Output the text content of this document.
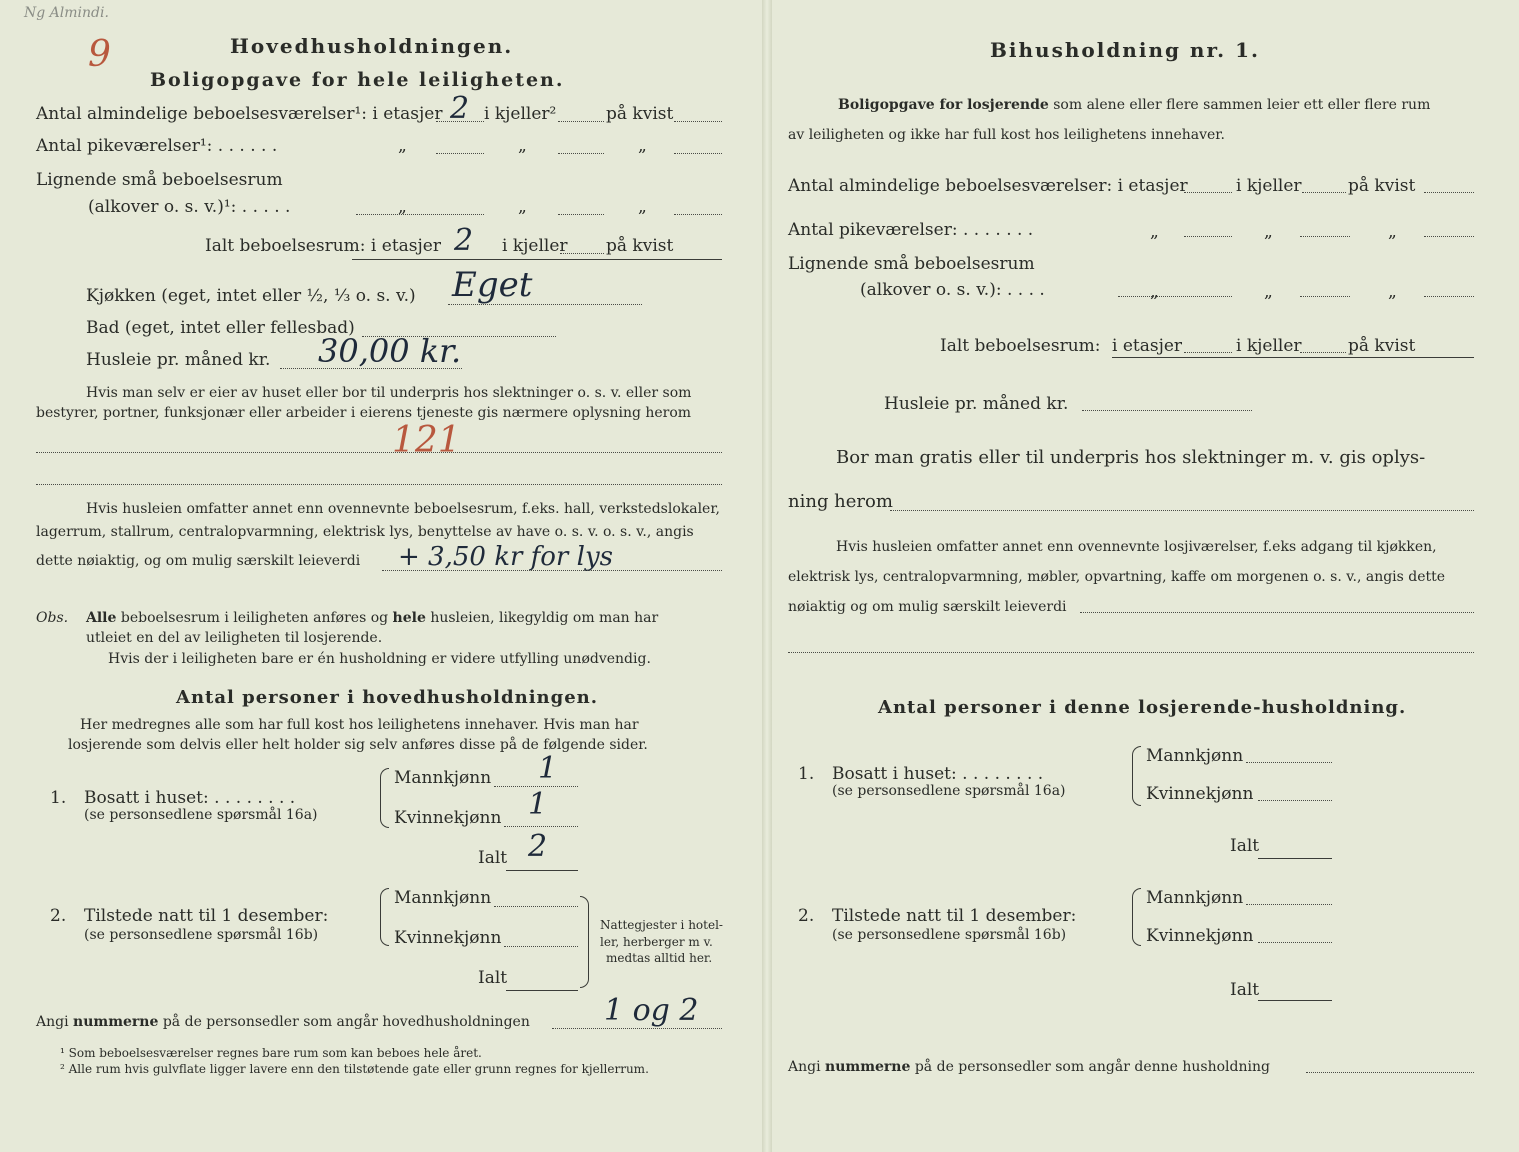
Ng Almindi.
9	Hovedhusholdningen.
Boligopgave for hele leiligheten.
Antal almindelige beboelsesværelser¹: i etasjer 2 i kjeller²	på kvist
Antal pikeværelser¹: . . . . . .	„	„	„
Lignende små beboelsesrum
(alkover o. s. v.)¹: . . . . .	„	„	„
Ialt beboelsesrum: i etasjer 2 i kjeller på kvist
Kjøkken (eget, intet eller ½, ⅓ o. s. v.) Eget
Bad (eget, intet eller fellesbad)
Husleie pr. måned kr. 30,00 kr.
Hvis man selv er eier av huset eller bor til underpris hos slektninger o. s. v. eller som
bestyrer, portner, funksjonær eller arbeider i eierens tjeneste gis nærmere oplysning herom
121
Hvis husleien omfatter annet enn ovennevnte beboelsesrum, f.eks. hall, verkstedslokaler,
lagerrum, stallrum, centralopvarmning, elektrisk lys, benyttelse av have o. s. v. o. s. v., angis
dette nøiaktig, og om mulig særskilt leieverdi + 3,50 kr for lys
Obs. Alle beboelsesrum i leiligheten anføres og hele husleien, likegyldig om man har
utleiet en del av leiligheten til losjerende.
Hvis der i leiligheten bare er én husholdning er videre utfylling unødvendig.
Antal personer i hovedhusholdningen.
Her medregnes alle som har full kost hos leilighetens innehaver. Hvis man har
losjerende som delvis eller helt holder sig selv anføres disse på de følgende sider.
1. Bosatt i huset: . . . . . . . .
(se personsedlene spørsmål 16a)
Mannkjønn 1
Kvinnekjønn 1
Ialt 2
2. Tilstede natt til 1 desember:
(se personsedlene spørsmål 16b)
Mannkjønn
Kvinnekjønn
Ialt
Nattegjester i hotel-
ler, herberger m v.
medtas alltid her.
Angi nummerne på de personsedler som angår hovedhusholdningen 1 og 2
¹ Som beboelsesværelser regnes bare rum som kan beboes hele året.
² Alle rum hvis gulvflate ligger lavere enn den tilstøtende gate eller grunn regnes for kjellerrum.
Bihusholdning nr. 1.
Boligopgave for losjerende som alene eller flere sammen leier ett eller flere rum
av leiligheten og ikke har full kost hos leilighetens innehaver.
Antal almindelige beboelsesværelser: i etasjer	i kjeller	på kvist
Antal pikeværelser: . . . . . . .	„	„	„
Lignende små beboelsesrum
(alkover o. s. v.): . . . .	„	„	„
Ialt beboelsesrum: i etasjer	i kjeller	på kvist
Husleie pr. måned kr.
Bor man gratis eller til underpris hos slektninger m. v. gis oplys-
ning herom
Hvis husleien omfatter annet enn ovennevnte losjiværelser, f.eks adgang til kjøkken,
elektrisk lys, centralopvarmning, møbler, opvartning, kaffe om morgenen o. s. v., angis dette
nøiaktig og om mulig særskilt leieverdi
Antal personer i denne losjerende-husholdning.
1. Bosatt i huset: . . . . . . . .
(se personsedlene spørsmål 16a)
Mannkjønn
Kvinnekjønn
Ialt
2. Tilstede natt til 1 desember:
(se personsedlene spørsmål 16b)
Mannkjønn
Kvinnekjønn
Ialt
Angi nummerne på de personsedler som angår denne husholdning
